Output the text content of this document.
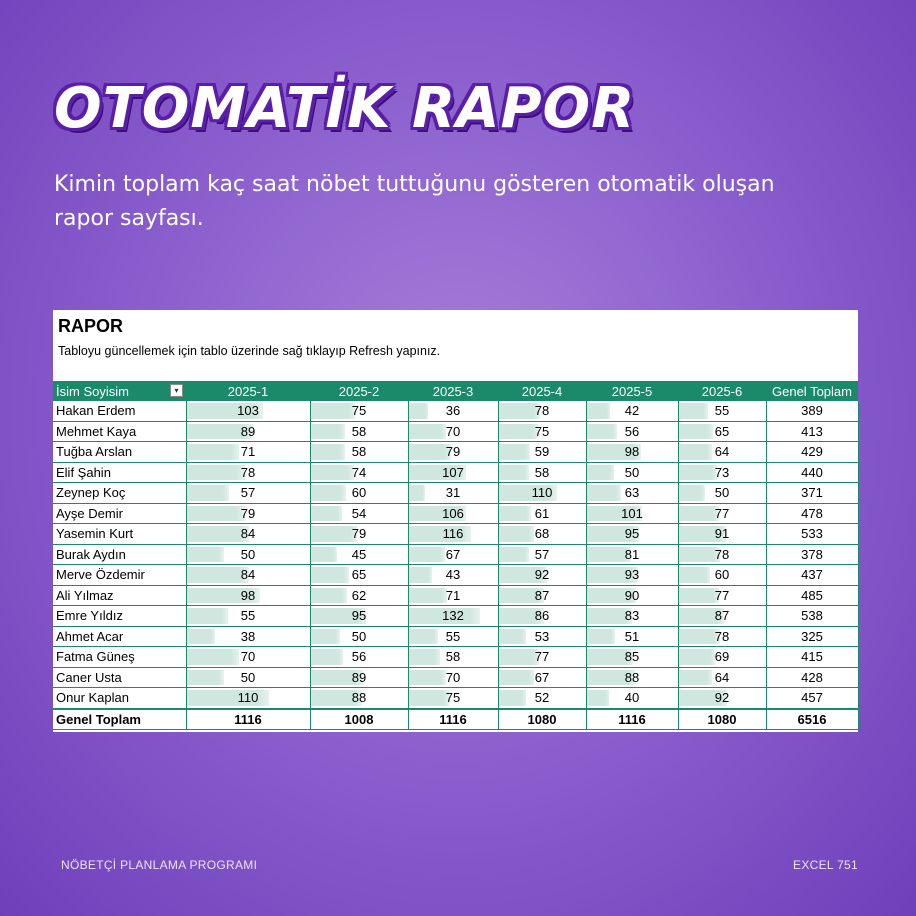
OTOMATİK RAPOR

Kimin toplam kaç saat nöbet tuttuğunu gösteren otomatik oluşan rapor sayfası.

RAPOR
Tabloyu güncellemek için tablo üzerinde sağ tıklayıp Refresh yapınız.
İsim Soyisim ▾	2025-1	2025-2	2025-3	2025-4	2025-5	2025-6	Genel Toplam
Hakan Erdem	103	75	36	78	42	55	389
Mehmet Kaya	89	58	70	75	56	65	413
Tuğba Arslan	71	58	79	59	98	64	429
Elif Şahin	78	74	107	58	50	73	440
Zeynep Koç	57	60	31	110	63	50	371
Ayşe Demir	79	54	106	61	101	77	478
Yasemin Kurt	84	79	116	68	95	91	533
Burak Aydın	50	45	67	57	81	78	378
Merve Özdemir	84	65	43	92	93	60	437
Ali Yılmaz	98	62	71	87	90	77	485
Emre Yıldız	55	95	132	86	83	87	538
Ahmet Acar	38	50	55	53	51	78	325
Fatma Güneş	70	56	58	77	85	69	415
Caner Usta	50	89	70	67	88	64	428
Onur Kaplan	110	88	75	52	40	92	457
Genel Toplam	1116	1008	1116	1080	1116	1080	6516
NÖBETÇİ PLANLAMA PROGRAMI	EXCEL 751
